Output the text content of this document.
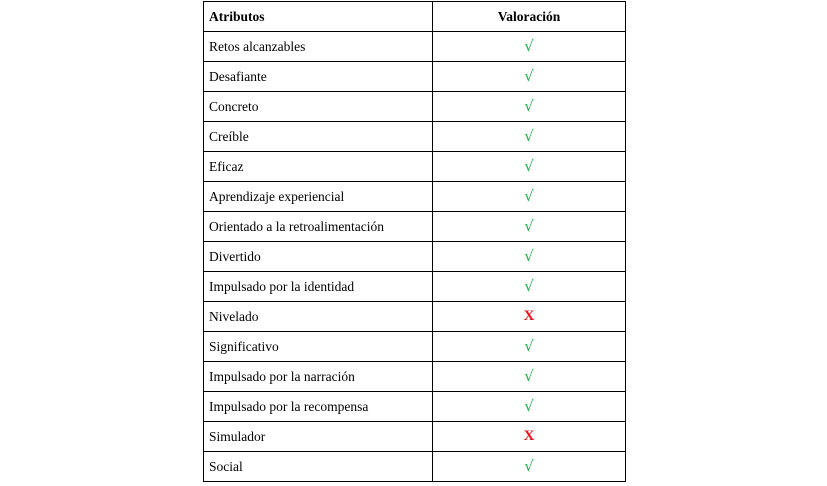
Atributos	Valoración
Retos alcanzables	√
Desafiante	√
Concreto	√
Creíble	√
Eficaz	√
Aprendizaje experiencial	√
Orientado a la retroalimentación	√
Divertido	√
Impulsado por la identidad	√
Nivelado	X
Significativo	√
Impulsado por la narración	√
Impulsado por la recompensa	√
Simulador	X
Social	√
